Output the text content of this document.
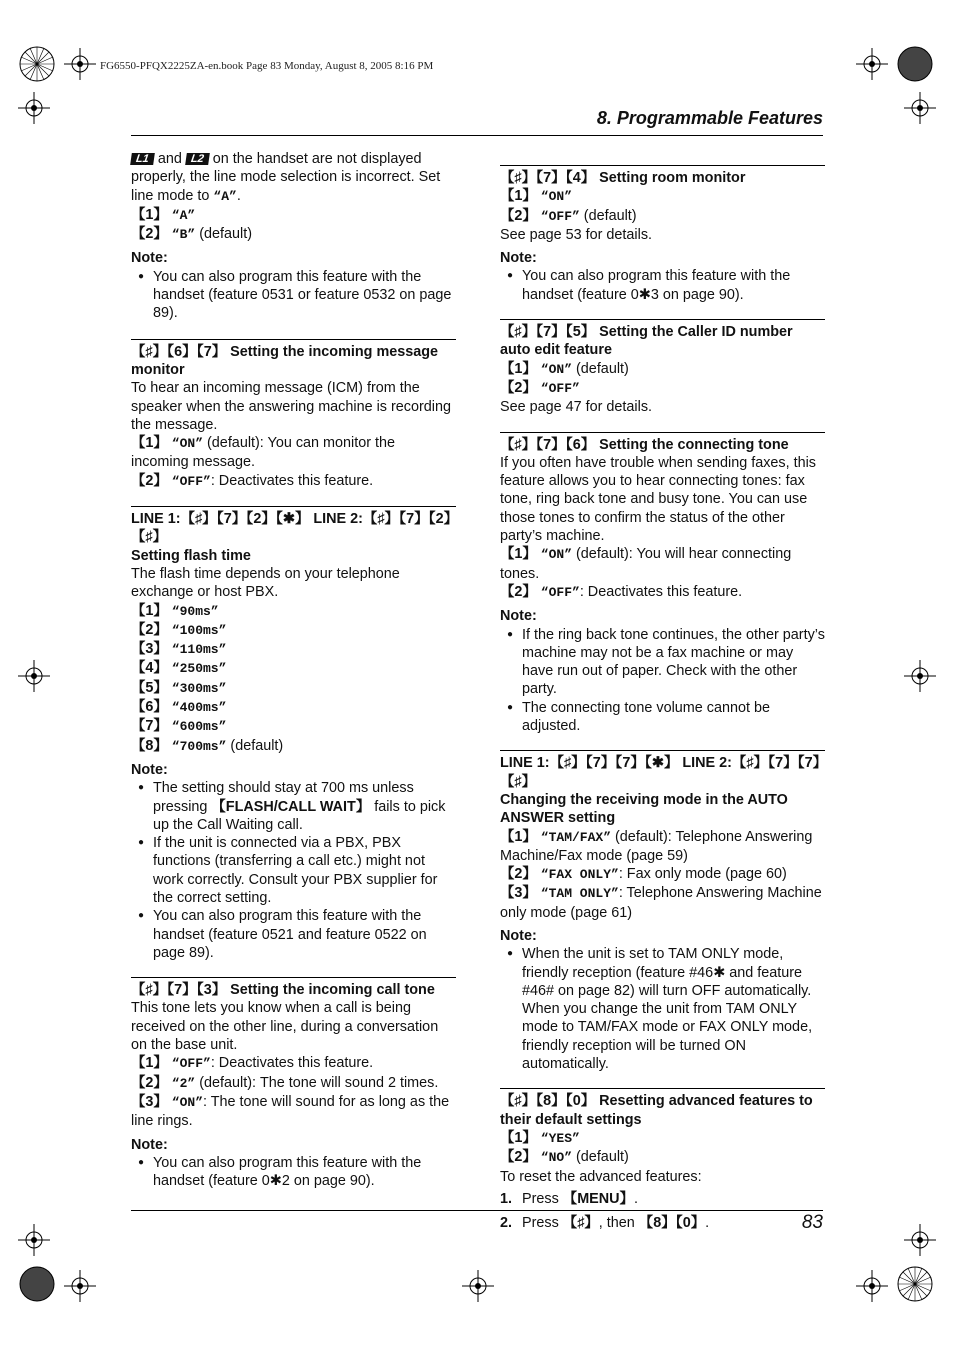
FG6550-PFQX2225ZA-en.book Page 83 Monday, August 8, 2005 8:16 PM
8. Programmable Features

L1 and L2 on the handset are not displayed properly, the line mode selection is incorrect. Set line mode to “A”.

【1】 “A”

【2】 “B” (default)

Note:

● You can also program this feature with the handset (feature 0531 or feature 0532 on page 89).

【♯】【6】【7】 Setting the incoming message monitor

To hear an incoming message (ICM) from the speaker when the answering machine is recording the message.

【1】 “ON” (default): You can monitor the incoming message.

【2】 “OFF”: Deactivates this feature.

LINE 1:【♯】【7】【2】【✱】 LINE 2:【♯】【7】【2】【♯】

Setting flash time

The flash time depends on your telephone exchange or host PBX.

【1】 “90ms”

【2】 “100ms”

【3】 “110ms”

【4】 “250ms”

【5】 “300ms”

【6】 “400ms”

【7】 “600ms”

【8】 “700ms” (default)

Note:

● The setting should stay at 700 ms unless pressing 【FLASH/CALL WAIT】 fails to pick up the Call Waiting call.
● If the unit is connected via a PBX, PBX functions (transferring a call etc.) might not work correctly. Consult your PBX supplier for the correct setting.
● You can also program this feature with the handset (feature 0521 and feature 0522 on page 89).

【♯】【7】【3】 Setting the incoming call tone

This tone lets you know when a call is being received on the other line, during a conversation on the base unit.

【1】 “OFF”: Deactivates this feature.

【2】 “2” (default): The tone will sound 2 times.

【3】 “ON”: The tone will sound for as long as the line rings.

Note:

● You can also program this feature with the handset (feature 0✱2 on page 90).

【♯】【7】【4】 Setting room monitor

【1】 “ON”

【2】 “OFF” (default)

See page 53 for details.

Note:

● You can also program this feature with the handset (feature 0✱3 on page 90).

【♯】【7】【5】 Setting the Caller ID number auto edit feature

【1】 “ON” (default)

【2】 “OFF”

See page 47 for details.

【♯】【7】【6】 Setting the connecting tone

If you often have trouble when sending faxes, this feature allows you to hear connecting tones: fax tone, ring back tone and busy tone. You can use those tones to confirm the status of the other party’s machine.

【1】 “ON” (default): You will hear connecting tones.

【2】 “OFF”: Deactivates this feature.

Note:

● If the ring back tone continues, the other party’s machine may not be a fax machine or may have run out of paper. Check with the other party.
● The connecting tone volume cannot be adjusted.

LINE 1:【♯】【7】【7】【✱】 LINE 2:【♯】【7】【7】【♯】

Changing the receiving mode in the AUTO ANSWER setting

【1】 “TAM/FAX” (default): Telephone Answering Machine/Fax mode (page 59)

【2】 “FAX ONLY”: Fax only mode (page 60)

【3】 “TAM ONLY”: Telephone Answering Machine only mode (page 61)

Note:

● When the unit is set to TAM ONLY mode, friendly reception (feature #46✱ and feature #46# on page 82) will turn OFF automatically. When you change the unit from TAM ONLY mode to TAM/FAX mode or FAX ONLY mode, friendly reception will be turned ON automatically.

【♯】【8】【0】 Resetting advanced features to their default settings

【1】 “YES”

【2】 “NO” (default)

To reset the advanced features:

1. Press 【MENU】.
2. Press 【♯】, then 【8】【0】.	83
